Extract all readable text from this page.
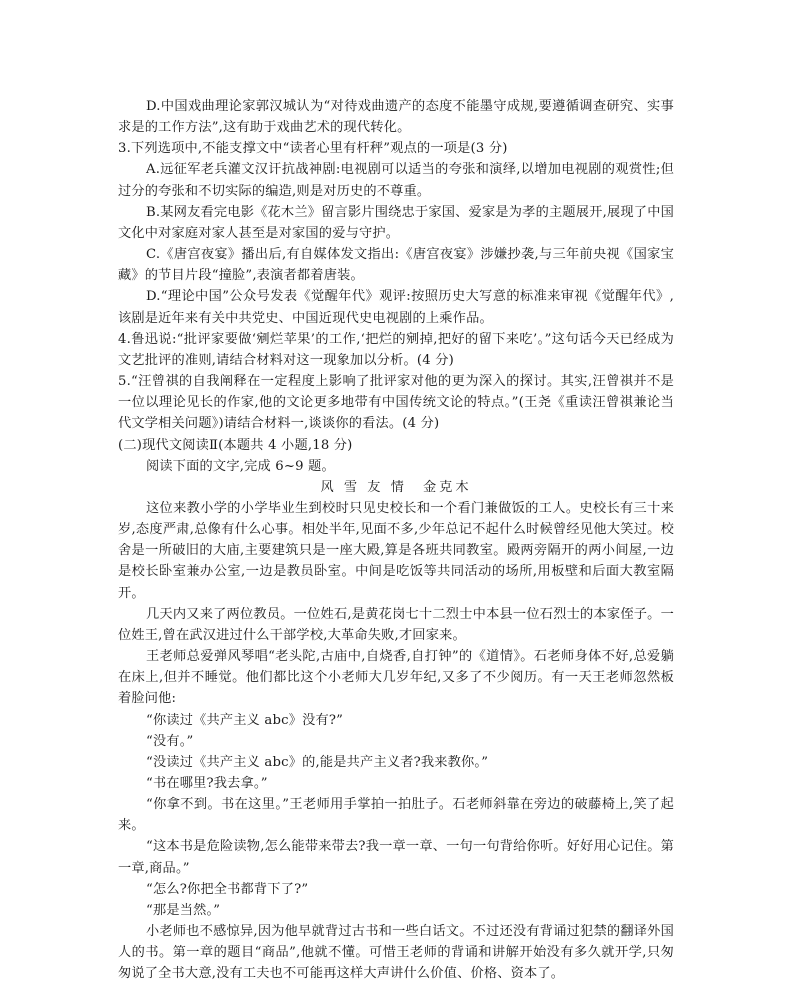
D.中国戏曲理论家郭汉城认为“对待戏曲遗产的态度不能墨守成规,要遵循调查研究、实事求是的工作方法”,这有助于戏曲艺术的现代转化。

3.下列选项中,不能支撑文中“读者心里有杆秤”观点的一项是(3 分)

A.远征军老兵灌文汉讦抗战神剧:电视剧可以适当的夸张和演绎,以增加电视剧的观赏性;但过分的夸张和不切实际的编造,则是对历史的不尊重。

B.某网友看完电影《花木兰》留言影片围绕忠于家国、爱家是为孝的主题展开,展现了中国文化中对家庭对家人甚至是对家国的爱与守护。

C.《唐宫夜宴》播出后,有自媒体发文指出:《唐宫夜宴》涉嫌抄袭,与三年前央视《国家宝藏》的节目片段“撞脸”,表演者都着唐装。

D.“理论中国”公众号发表《觉醒年代》观评:按照历史大写意的标准来审视《觉醒年代》,该剧是近年来有关中共党史、中国近现代史电视剧的上乘作品。

4.鲁迅说:“批评家要做‘剜烂苹果’的工作,‘把烂的剜掉,把好的留下来吃’。”这句话今天已经成为文艺批评的准则,请结合材料对这一现象加以分析。(4 分)

5.“汪曾祺的自我阐释在一定程度上影响了批评家对他的更为深入的探讨。其实,汪曾祺并不是一位以理论见长的作家,他的文论更多地带有中国传统文论的特点。”(王尧《重读汪曾祺兼论当代文学相关问题》)请结合材料一,谈谈你的看法。(4 分)

(二)现代文阅读Ⅱ(本题共 4 小题,18 分)

阅读下面的文字,完成 6~9 题。

风 雪 友 情　金克木

这位来教小学的小学毕业生到校时只见史校长和一个看门兼做饭的工人。史校长有三十来岁,态度严肃,总像有什么心事。相处半年,见面不多,少年总记不起什么时候曾经见他大笑过。校舍是一所破旧的大庙,主要建筑只是一座大殿,算是各班共同教室。殿两旁隔开的两小间屋,一边是校长卧室兼办公室,一边是教员卧室。中间是吃饭等共同活动的场所,用板壁和后面大教室隔开。

几天内又来了两位教员。一位姓石,是黄花岗七十二烈士中本县一位石烈士的本家侄子。一位姓王,曾在武汉进过什么干部学校,大革命失败,才回家来。

王老师总爱弹风琴唱“老头陀,古庙中,自烧香,自打钟”的《道情》。石老师身体不好,总爱躺在床上,但并不睡觉。他们都比这个小老师大几岁年纪,又多了不少阅历。有一天王老师忽然板着脸问他:

“你读过《共产主义 abc》没有?”

“没有。”

“没读过《共产主义 abc》的,能是共产主义者?我来教你。”

“书在哪里?我去拿。”

“你拿不到。书在这里。”王老师用手掌拍一拍肚子。石老师斜靠在旁边的破藤椅上,笑了起来。

“这本书是危险读物,怎么能带来带去?我一章一章、一句一句背给你听。好好用心记住。第一章,商品。”

“怎么?你把全书都背下了?”

“那是当然。”

小老师也不感惊异,因为他早就背过古书和一些白话文。不过还没有背诵过犯禁的翻译外国人的书。第一章的题目“商品”,他就不懂。可惜王老师的背诵和讲解开始没有多久就开学,只匆匆说了全书大意,没有工夫也不可能再这样大声讲什么价值、价格、资本了。
